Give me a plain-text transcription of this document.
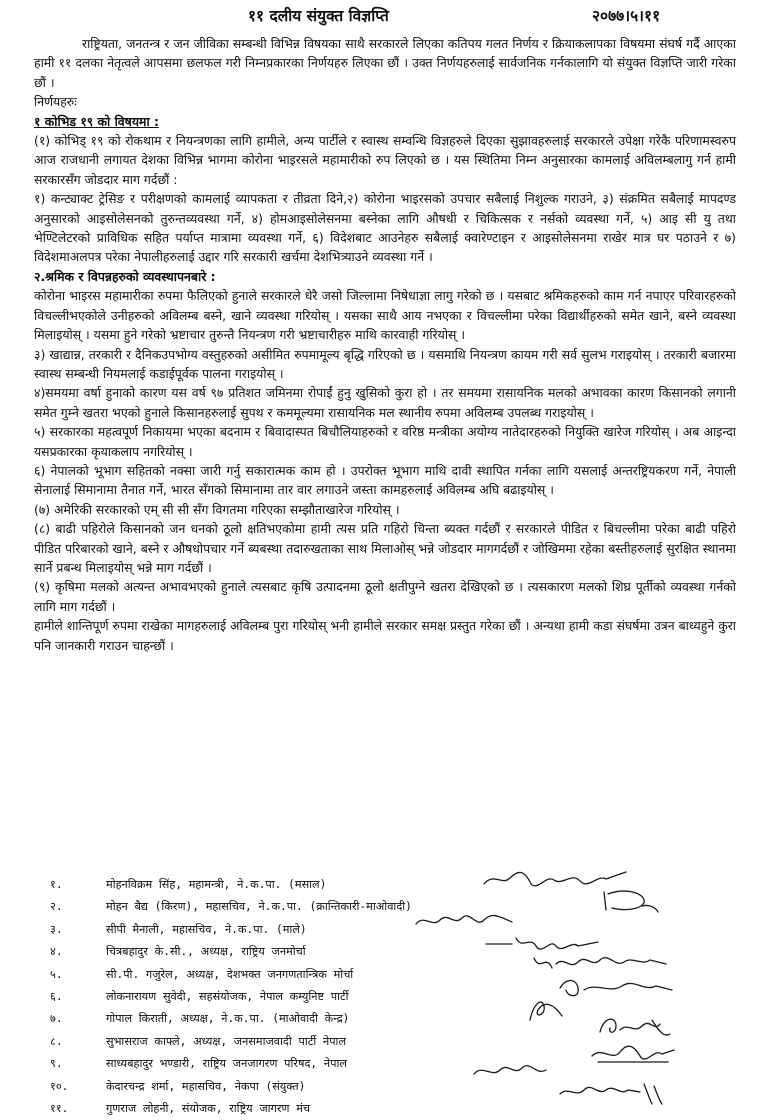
११ दलीय संयुक्त विज्ञप्ति	२०७७।५।११

राष्ट्रियता, जनतन्त्र र जन जीविका सम्बन्धी विभिन्न विषयका साथै सरकारले लिएका कतिपय गलत निर्णय र क्रियाकलापका विषयमा संघर्ष गर्दै आएका हामी ११ दलका नेतृत्वले आपसमा छलफल गरी निम्नप्रकारका निर्णयहरु लिएका छौं । उक्त निर्णयहरुलाई सार्वजनिक गर्नकालागि यो संयुक्त विज्ञप्ति जारी गरेका छौं ।

निर्णयहरुः

१ कोभिड १९ को विषयमा :

(१) कोभिड् १९ को रोकथाम र नियन्त्रणका लागि हामीले, अन्य पार्टीले र स्वास्थ सम्वन्धि विज्ञहरुले दिएका सुझावहरुलाई सरकारले उपेक्षा गरेकै परिणामस्वरुप आज राजधानी लगायत देशका विभिन्न भागमा कोरोना भाइरसले महामारीको रुप लिएको छ । यस स्थितिमा निम्न अनुसारका कामलाई अविलम्बलागु गर्न हामी सरकारसँग जोडदार माग गर्दछौं :

१) कन्ट्याक्ट ट्रेसिङ र परीक्षणको कामलाई व्यापकता र तीव्रता दिने,२) कोरोना भाइरसको उपचार सबैलाई निशुल्क गराउने, ३) संक्रमित सबैलाई मापदण्ड अनुसारको आइसोलेसनको तुरुन्तव्यवस्था गर्ने, ४) होमआइसोलेसनमा बस्नेका लागि औषधी र चिकित्सक र नर्सको व्यवस्था गर्ने, ५) आइ सी यु तथा भेण्टिलेटरको प्राविधिक सहित पर्याप्त मात्रामा व्यवस्था गर्ने, ६) विदेशबाट आउनेहरु सबैलाई क्वारेण्टाइन र आइसोलेसनमा राखेर मात्र घर पठाउने र ७) विदेशमाअलपत्र परेका नेपालीहरुलाई उद्दार गरि सरकारी खर्चमा देशभित्र्याउने व्यवस्था गर्ने ।

२.श्रमिक र विपन्नहरुको व्यवस्थापनबारे :

कोरोना भाइरस महामारीका रुपमा फैलिएको हुनाले सरकारले धेरै जसो जिल्लामा निषेधाज्ञा लागु गरेको छ । यसबाट श्रमिकहरुको काम गर्न नपाएर परिवारहरुको विचल्लीभएकोले उनीहरुको अविलम्ब बस्ने, खाने व्यवस्था गरियोस् । यसका साथै आय नभएका र विचल्लीमा परेका विद्यार्थीहरुको समेत खाने, बस्ने व्यवस्था मिलाइयोस् । यसमा हुने गरेको भ्रष्टाचार तुरुन्तै नियन्त्रण गरी भ्रष्टाचारीहरु माथि कारवाही गरियोस् ।

३) खाद्यान्न, तरकारी र दैनिकउपभोग्य वस्तुहरुको असीमित रुपमामूल्य बृद्धि गरिएको छ । यसमाथि नियन्त्रण कायम गरी सर्व सुलभ गराइयोस् । तरकारी बजारमा स्वास्थ सम्बन्धी नियमलाई कडाईपूर्वक पालना गराइयोस् ।

४)समयमा वर्षा हुनाको कारण यस वर्ष ९७ प्रतिशत जमिनमा रोपाईं हुनु खुसिको कुरा हो । तर समयमा रासायनिक मलको अभावका कारण किसानको लगानी समेत गुम्ने खतरा भएको हुनाले किसानहरुलाई सुपथ र कममूल्यमा रासायनिक मल स्थानीय रुपमा अविलम्ब उपलब्ध गराइयोस् ।

५) सरकारका महत्वपूर्ण निकायमा भएका बदनाम र बिवादास्पत बिचौलियाहरुको र वरिष्ठ मन्त्रीका अयोग्य नातेदारहरुको नियुक्ति खारेज गरियोस् । अब आइन्दा यसप्रकारका कृयाकलाप नगरियोस् ।

६) नेपालको भूभाग सहितको नक्सा जारी गर्नु सकारात्मक काम हो । उपरोक्त भूभाग माथि दावी स्थापित गर्नका लागि यसलाई अन्तरष्ट्रियकरण गर्ने, नेपाली सेनालाई सिमानामा तैनात गर्ने, भारत सँगको सिमानामा तार वार लगाउने जस्ता कामहरुलाई अविलम्ब अघि बढाइयोस् ।

(७) अमेरिकी सरकारको एम् सी सी सँग विगतमा गरिएका सम्झौताखारेज गरियोस् ।

(८) बाढी पहिरोले किसानको जन धनको ठूलो क्षतिभएकोमा हामी त्यस प्रति गहिरो चिन्ता ब्यक्त गर्दछौं र सरकारले पीडित र बिचल्लीमा परेका बाढी पहिरो पीडित परिबारको खाने, बस्ने र औषधोपचार गर्ने ब्यबस्था तदारुखताका साथ मिलाओस् भन्ने जोडदार मागगर्दछौं र जोखिममा रहेका बस्तीहरुलाई सुरक्षित स्थानमा सार्ने प्रबन्ध मिलाइयोस् भन्ने माग गर्दछौं ।

(९) कृषिमा मलको अत्यन्त अभावभएको हुनाले त्यसबाट कृषि उत्पादनमा ठूलो क्षतीपुग्ने खतरा देखिएको छ । त्यसकारण मलको शिघ्र पूर्तीको व्यवस्था गर्नको लागि माग गर्दछौं ।

हामीले शान्तिपूर्ण रुपमा राखेका मागहरुलाई अविलम्ब पुरा गरियोस् भनी हामीले सरकार समक्ष प्रस्तुत गरेका छौं । अन्यथा हामी कडा संघर्षमा उत्रन बाध्यहुने कुरा पनि जानकारी गराउन चाहन्छौं ।

१.	मोहनविक्रम सिंह, महामन्त्री, ने.क.पा. (मसाल)
२.	मोहन बैद्य (किरण), महासचिव, ने.क.पा. (क्रान्तिकारी-माओवादी)
३.	सीपी मैनाली, महासचिव, ने.क.पा. (माले)
४.	चित्रबहादुर के.सी., अध्यक्ष, राष्ट्रिय जनमोर्चा
५.	सी.पी. गजुरेल, अध्यक्ष, देशभक्त जनगणतान्त्रिक मोर्चा
६.	लोकनारायण सुवेदी, सहसंयोजक, नेपाल कम्युनिष्ट पार्टी
७.	गोपाल किराती, अध्यक्ष, ने.क.पा. (माओवादी केन्द्र)
८.	सुभासराज काफ्ले, अध्यक्ष, जनसमाजवादी पार्टी नेपाल
९.	साध्यबहादुर भण्डारी, राष्ट्रिय जनजागरण परिषद, नेपाल
१०.	केदारचन्द्र शर्मा, महासचिव, नेकपा (संयुक्त)
११.	गुणराज लोहनी, संयोजक, राष्ट्रिय जागरण मंच
